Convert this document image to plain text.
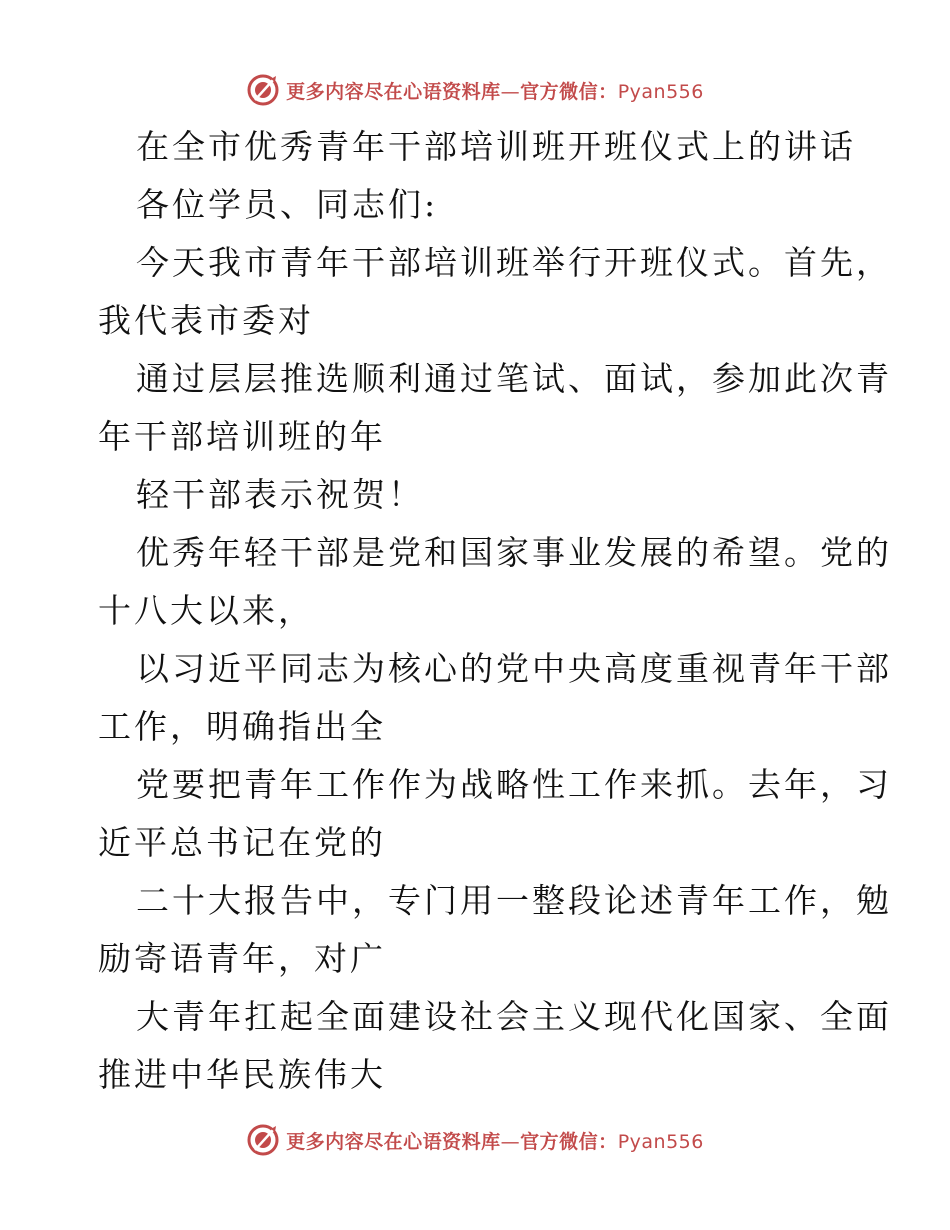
更多内容尽在心语资料库—官方微信：Pyan556
在全市优秀青年干部培训班开班仪式上的讲话
各位学员、同志们:
今天我市青年干部培训班举行开班仪式。首先，
我代表市委对
通过层层推选顺利通过笔试、面试，参加此次青
年干部培训班的年
轻干部表示祝贺！
优秀年轻干部是党和国家事业发展的希望。党的
十八大以来，
以习近平同志为核心的党中央高度重视青年干部
工作，明确指出全
党要把青年工作作为战略性工作来抓。去年，习
近平总书记在党的
二十大报告中，专门用一整段论述青年工作，勉
励寄语青年，对广
大青年扛起全面建设社会主义现代化国家、全面
推进中华民族伟大
更多内容尽在心语资料库—官方微信：Pyan556
